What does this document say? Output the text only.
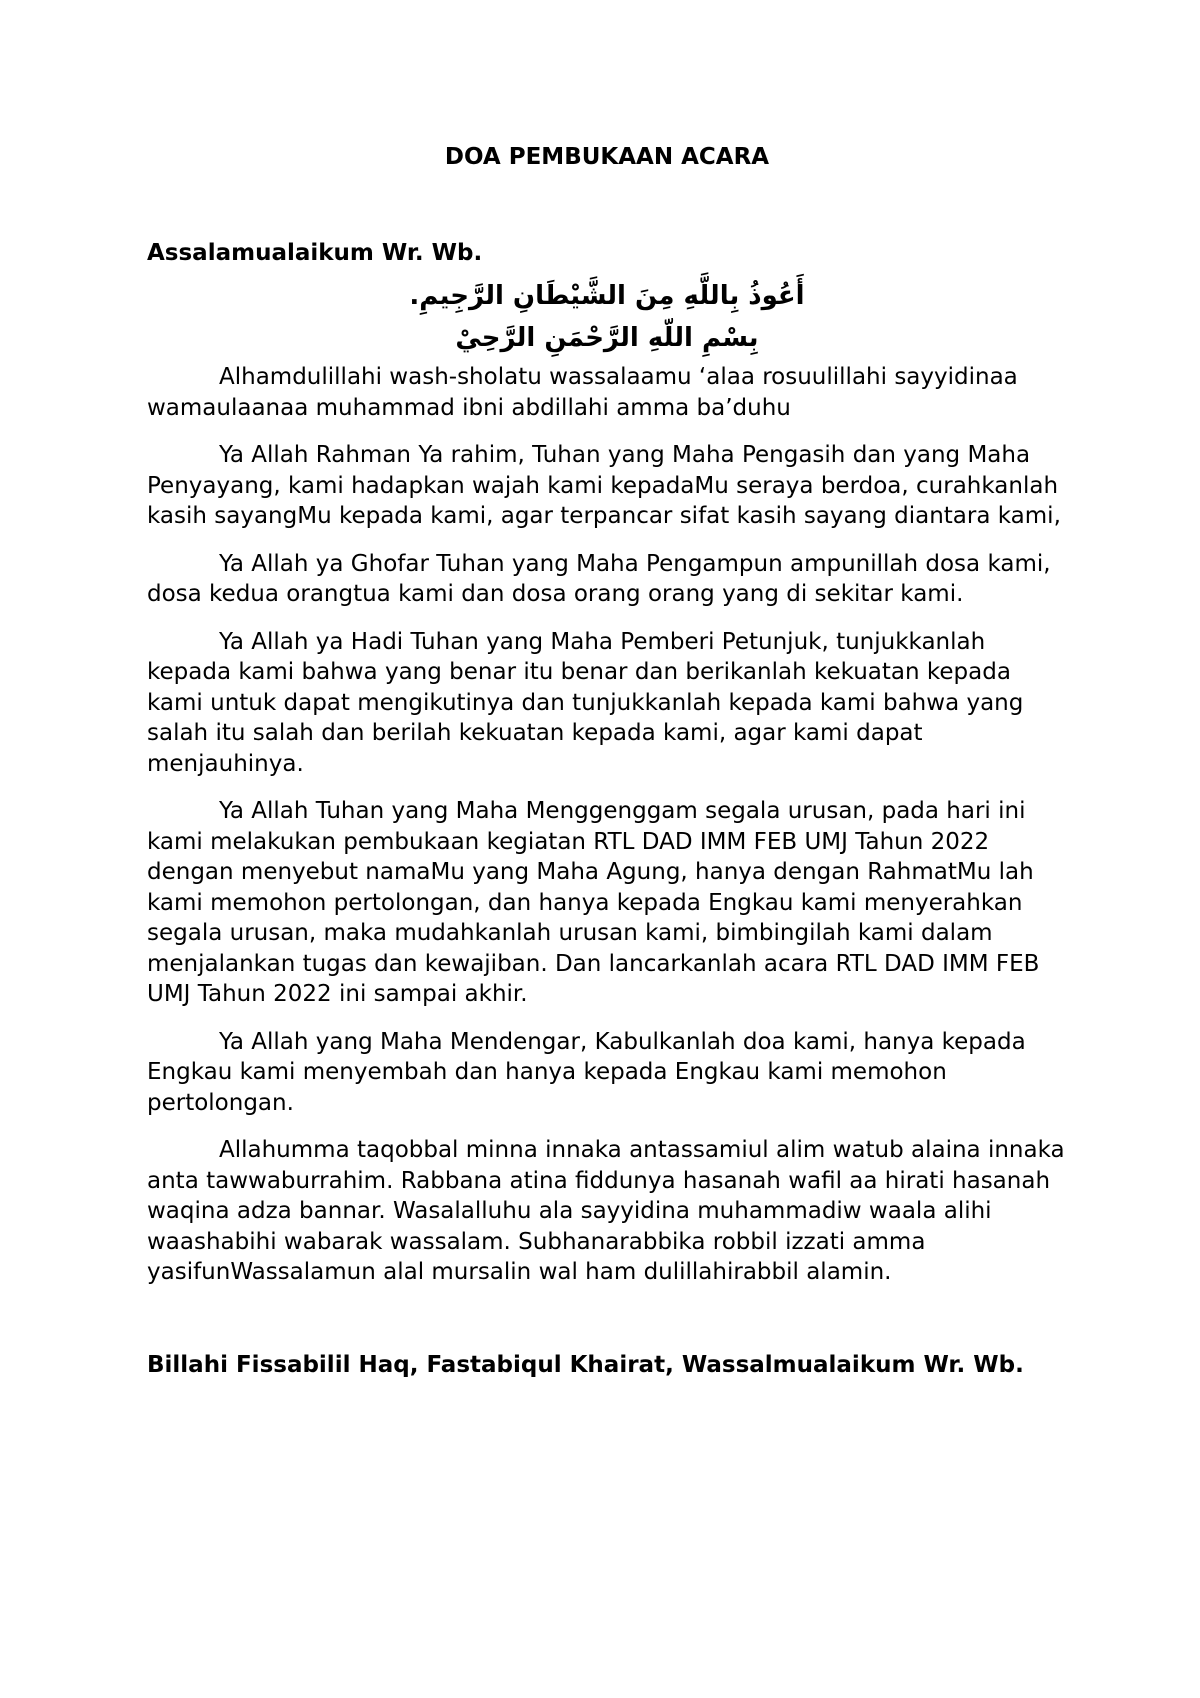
DOA PEMBUKAAN ACARA

Assalamualaikum Wr. Wb.

أَعُوذُ بِاللَّهِ مِنَ الشَّيْطَانِ الرَّجِيمِ.

بِسْمِ اللّهِ الرَّحْمَنِ الرَّحِيْ

Alhamdulillahi wash-sholatu wassalaamu ‘alaa rosuulillahi sayyidinaa wamaulaanaa muhammad ibni abdillahi amma ba’duhu

Ya Allah Rahman Ya rahim, Tuhan yang Maha Pengasih dan yang Maha Penyayang, kami hadapkan wajah kami kepadaMu seraya berdoa, curahkanlah kasih sayangMu kepada kami, agar terpancar sifat kasih sayang diantara kami,

Ya Allah ya Ghofar Tuhan yang Maha Pengampun ampunillah dosa kami, dosa kedua orangtua kami dan dosa orang orang yang di sekitar kami.

Ya Allah ya Hadi Tuhan yang Maha Pemberi Petunjuk, tunjukkanlah kepada kami bahwa yang benar itu benar dan berikanlah kekuatan kepada kami untuk dapat mengikutinya dan tunjukkanlah kepada kami bahwa yang salah itu salah dan berilah kekuatan kepada kami, agar kami dapat menjauhinya.

Ya Allah Tuhan yang Maha Menggenggam segala urusan, pada hari ini kami melakukan pembukaan kegiatan RTL DAD IMM FEB UMJ Tahun 2022 dengan menyebut namaMu yang Maha Agung, hanya dengan RahmatMu lah kami memohon pertolongan, dan hanya kepada Engkau kami menyerahkan segala urusan, maka mudahkanlah urusan kami, bimbingilah kami dalam menjalankan tugas dan kewajiban. Dan lancarkanlah acara RTL DAD IMM FEB UMJ Tahun 2022 ini sampai akhir.

Ya Allah yang Maha Mendengar, Kabulkanlah doa kami, hanya kepada Engkau kami menyembah dan hanya kepada Engkau kami memohon pertolongan.

Allahumma taqobbal minna innaka antassamiul alim watub alaina innaka anta tawwaburrahim. Rabbana atina fiddunya hasanah wafil aa hirati hasanah waqina adza bannar. Wasalalluhu ala sayyidina muhammadiw waala alihi waashabihi wabarak wassalam. Subhanarabbika robbil izzati amma yasifunWassalamun alal mursalin wal ham dulillahirabbil alamin.

Billahi Fissabilil Haq, Fastabiqul Khairat, Wassalmualaikum Wr. Wb.
